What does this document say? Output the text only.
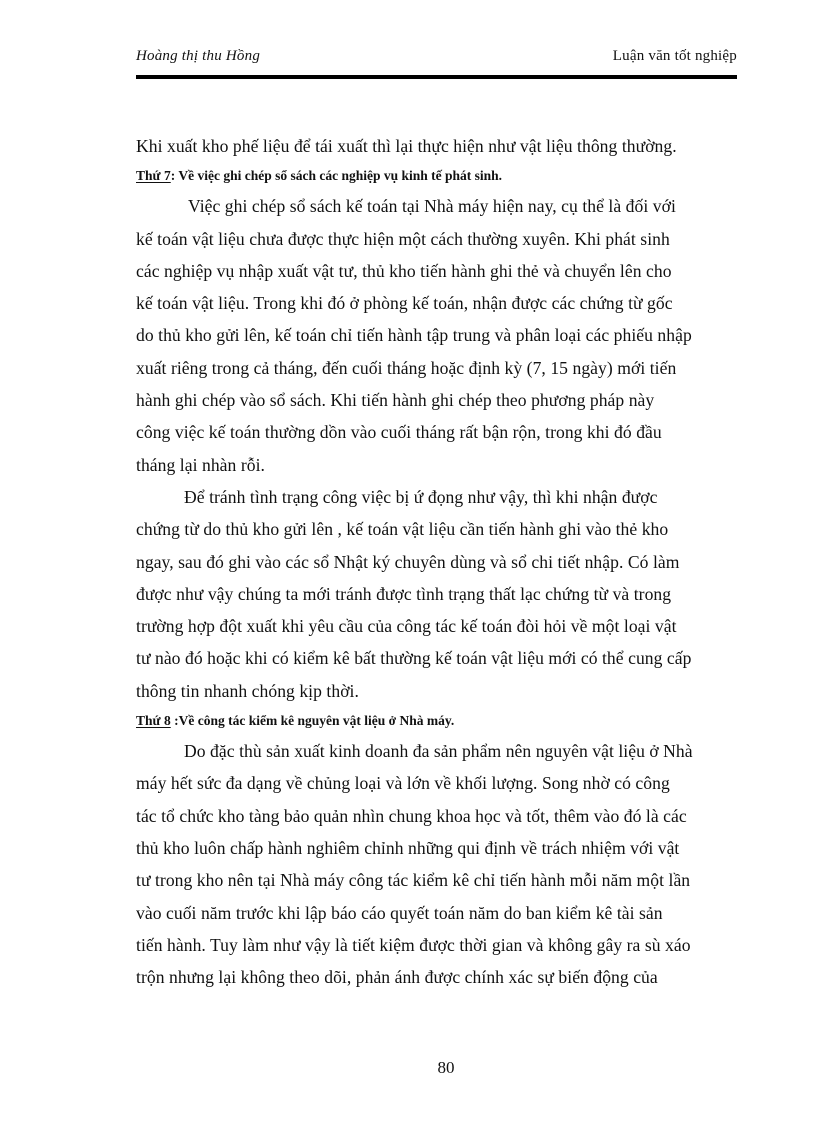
Hoàng thị thu Hồng	Luận văn tốt nghiệp
Khi xuất kho phế liệu để tái xuất thì lại thực hiện như vật liệu thông thường.
Thứ 7: Về việc ghi chép sổ sách các nghiệp vụ kinh tế phát sinh.
Việc ghi chép sổ sách kế toán tại Nhà máy hiện nay, cụ thể là đối với
kế toán vật liệu chưa được thực hiện một cách thường xuyên. Khi phát sinh
các nghiệp vụ nhập xuất vật tư, thủ kho tiến hành ghi thẻ và chuyển lên cho
kế toán vật liệu. Trong khi đó ở phòng kế toán, nhận được các chứng từ gốc
do thủ kho gửi lên, kế toán chỉ tiến hành tập trung và phân loại các phiếu nhập
xuất riêng trong cả tháng, đến cuối tháng hoặc định kỳ (7, 15 ngày) mới tiến
hành ghi chép vào sổ sách. Khi tiến hành ghi chép theo phương pháp này
công việc kế toán thường dồn vào cuối tháng rất bận rộn, trong khi đó đầu
tháng lại nhàn rỗi.
Để tránh tình trạng công việc bị ứ đọng như vậy, thì khi nhận được
chứng từ do thủ kho gửi lên , kế toán vật liệu cần tiến hành ghi vào thẻ kho
ngay, sau đó ghi vào các sổ Nhật ký chuyên dùng và sổ chi tiết nhập. Có làm
được như vậy chúng ta mới tránh được tình trạng thất lạc chứng từ và trong
trường hợp đột xuất khi yêu cầu của công tác kế toán đòi hỏi về một loại vật
tư nào đó hoặc khi có kiểm kê bất thường kế toán vật liệu mới có thể cung cấp
thông tin nhanh chóng kịp thời.
Thứ 8 :Về công tác kiểm kê nguyên vật liệu ở Nhà máy.
Do đặc thù sản xuất kinh doanh đa sản phẩm nên nguyên vật liệu ở Nhà
máy hết sức đa dạng về chủng loại và lớn về khối lượng. Song nhờ có công
tác tổ chức kho tàng bảo quản nhìn chung khoa học và tốt, thêm vào đó là các
thủ kho luôn chấp hành nghiêm chỉnh những qui định về trách nhiệm với vật
tư trong kho nên tại Nhà máy công tác kiểm kê chỉ tiến hành mỗi năm một lần
vào cuối năm trước khi lập báo cáo quyết toán năm do ban kiểm kê tài sản
tiến hành. Tuy làm như vậy là tiết kiệm được thời gian và không gây ra sù xáo
trộn nhưng lại không theo dõi, phản ánh được chính xác sự biến động của
80
